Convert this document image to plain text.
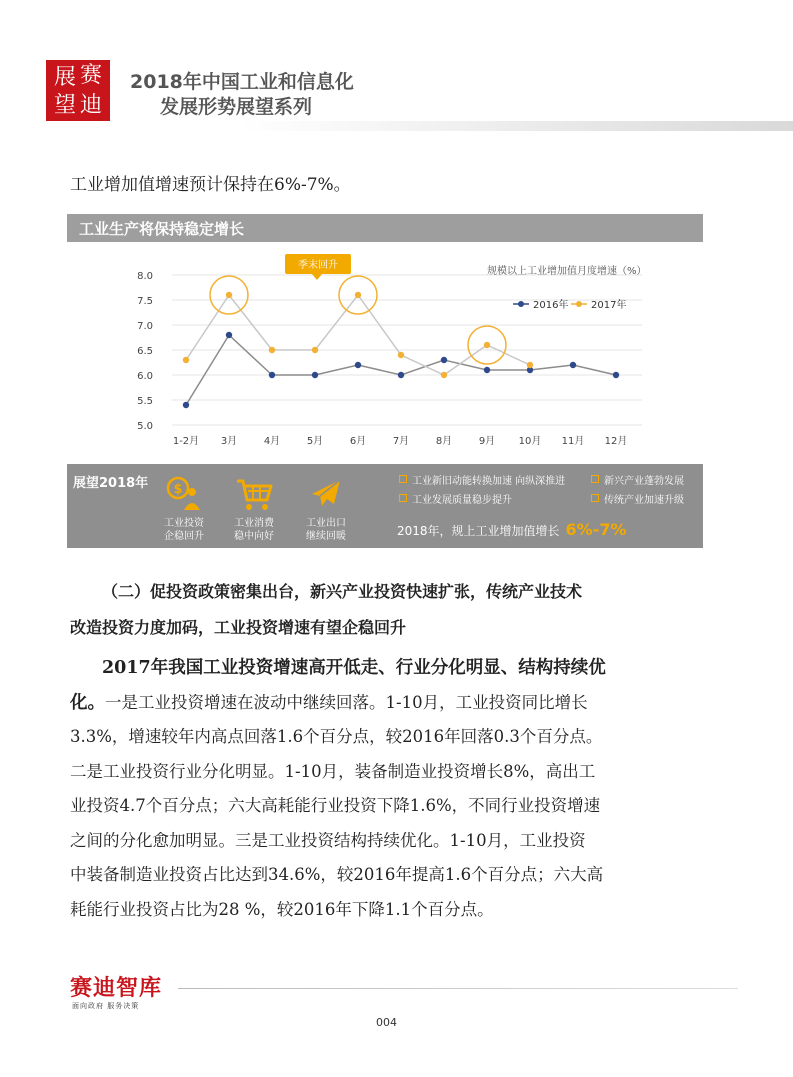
展 赛
望 迪
2018年中国工业和信息化
发展形势展望系列
工业增加值增速预计保持在6%-7%。
工业生产将保持稳定增长
5.0
5.5
6.0
6.5
7.0
7.5
8.0
1-2月 3月	4月	5月	6月	7月	8月	9月 10月 11月 12月
规模以上工业增加值月度增速（%）
2016年 2017年
季末回升
展望2018年 $
工业投资
企稳回升
工业消费
稳中向好
工业出口
继续回暖
工业新旧动能转换加速 向纵深推进	新兴产业蓬勃发展
工业发展质量稳步提升	传统产业加速升级
2018年，规上工业增加值增长 6%-7%
（二）促投资政策密集出台，新兴产业投资快速扩张，传统产业技术
改造投资力度加码，工业投资增速有望企稳回升
2017年我国工业投资增速高开低走、行业分化明显、结构持续优
化。一是工业投资增速在波动中继续回落。1-10月，工业投资同比增长
3.3%，增速较年内高点回落1.6个百分点，较2016年回落0.3个百分点。
二是工业投资行业分化明显。1-10月，装备制造业投资增长8%，高出工
业投资4.7个百分点；六大高耗能行业投资下降1.6%，不同行业投资增速
之间的分化愈加明显。三是工业投资结构持续优化。1-10月，工业投资
中装备制造业投资占比达到34.6%，较2016年提高1.6个百分点；六大高
耗能行业投资占比为28 %，较2016年下降1.1个百分点。
赛迪智库
面向政府 服务决策
004
